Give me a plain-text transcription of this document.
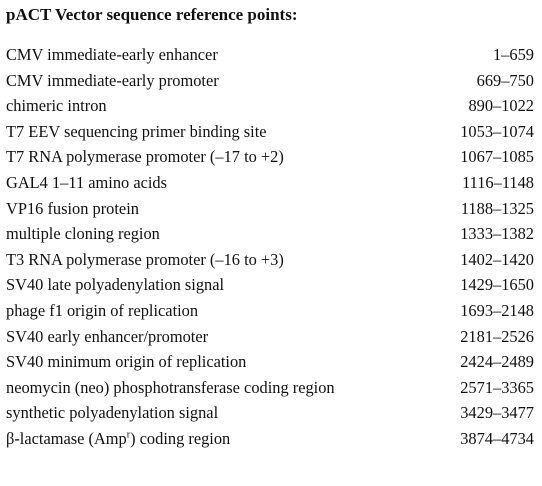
pACT Vector sequence reference points:
CMV immediate-early enhancer	1–659
CMV immediate-early promoter	669–750
chimeric intron	890–1022
T7 EEV sequencing primer binding site	1053–1074
T7 RNA polymerase promoter (–17 to +2)	1067–1085
GAL4 1–11 amino acids	1116–1148
VP16 fusion protein	1188–1325
multiple cloning region	1333–1382
T3 RNA polymerase promoter (–16 to +3)	1402–1420
SV40 late polyadenylation signal	1429–1650
phage f1 origin of replication	1693–2148
SV40 early enhancer/promoter	2181–2526
SV40 minimum origin of replication	2424–2489
neomycin (neo) phosphotransferase coding region	2571–3365
synthetic polyadenylation signal	3429–3477
β-lactamase (Amp$^r$) coding region	3874–4734
